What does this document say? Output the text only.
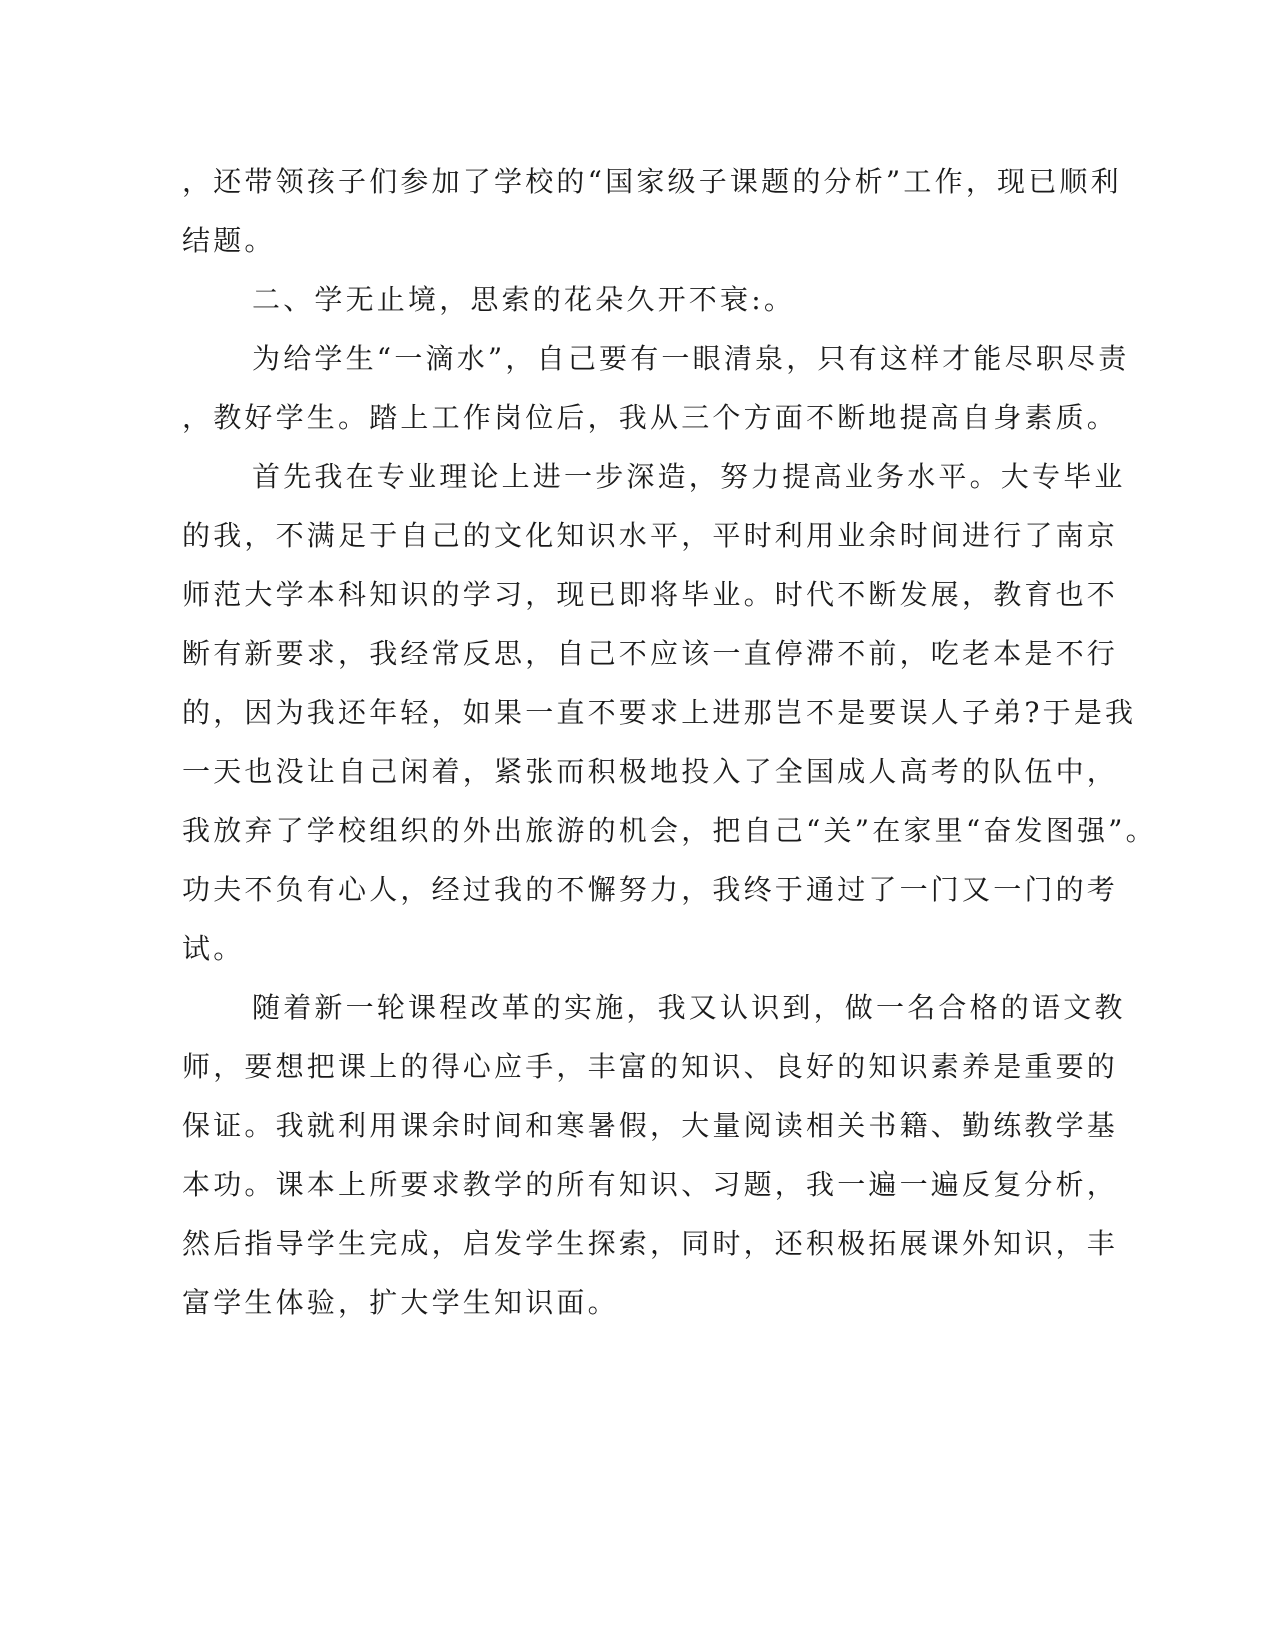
，还带领孩子们参加了学校的“国家级子课题的分析”工作，现已顺利
结题。
二、学无止境，思索的花朵久开不衰:。
为给学生“一滴水”，自己要有一眼清泉，只有这样才能尽职尽责
，教好学生。踏上工作岗位后，我从三个方面不断地提高自身素质。
首先我在专业理论上进一步深造，努力提高业务水平。大专毕业
的我，不满足于自己的文化知识水平，平时利用业余时间进行了南京
师范大学本科知识的学习，现已即将毕业。时代不断发展，教育也不
断有新要求，我经常反思，自己不应该一直停滞不前，吃老本是不行
的，因为我还年轻，如果一直不要求上进那岂不是要误人子弟?于是我
一天也没让自己闲着，紧张而积极地投入了全国成人高考的队伍中，
我放弃了学校组织的外出旅游的机会，把自己“关”在家里“奋发图强”。
功夫不负有心人，经过我的不懈努力，我终于通过了一门又一门的考
试。
随着新一轮课程改革的实施，我又认识到，做一名合格的语文教
师，要想把课上的得心应手，丰富的知识、良好的知识素养是重要的
保证。我就利用课余时间和寒暑假，大量阅读相关书籍、勤练教学基
本功。课本上所要求教学的所有知识、习题，我一遍一遍反复分析，
然后指导学生完成，启发学生探索，同时，还积极拓展课外知识，丰
富学生体验，扩大学生知识面。
